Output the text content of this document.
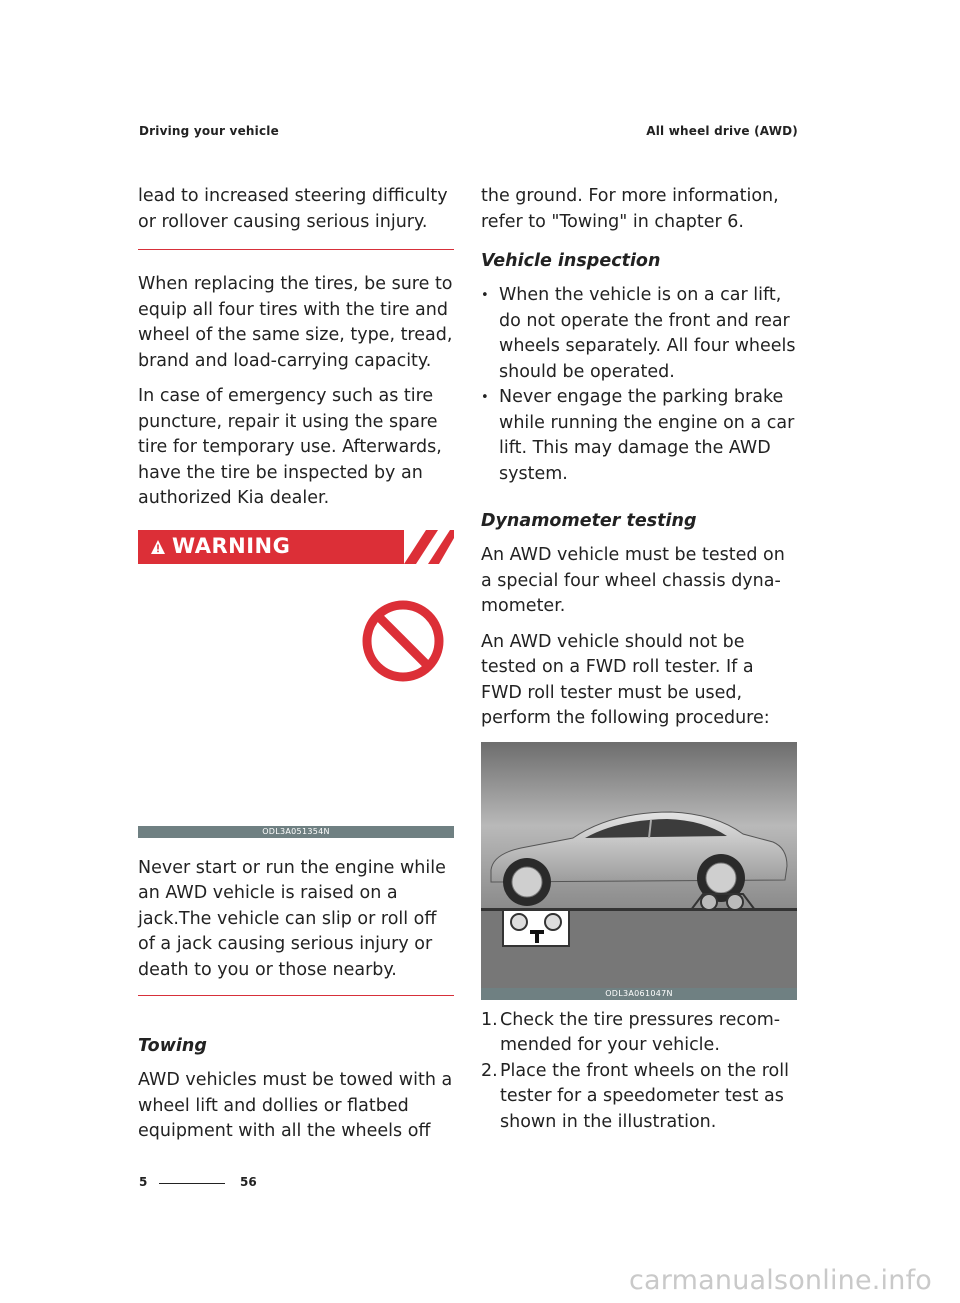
Driving your vehicle	All wheel drive (AWD)

lead to increased steering difficulty or rollover causing serious injury.

When replacing the tires, be sure to equip all four tires with the tire and wheel of the same size, type, tread, brand and load-carrying capacity.

In case of emergency such as tire puncture, repair it using the spare tire for temporary use. Afterwards, have the tire be inspected by an authorized Kia dealer.

WARNING
ODL3A051354N

Never start or run the engine while an AWD vehicle is raised on a jack.The vehicle can slip or roll off of a jack causing serious injury or death to you or those nearby.

Towing

AWD vehicles must be towed with a wheel lift and dollies or flatbed equipment with all the wheels off

the ground. For more information, refer to "Towing" in chapter 6.

Vehicle inspection
• When the vehicle is on a car lift, do not operate the front and rear wheels separately. All four wheels should be operated.
• Never engage the parking brake while running the engine on a car lift. This may damage the AWD system.
Dynamometer testing

An AWD vehicle must be tested on a special four wheel chassis dyna-mometer.

An AWD vehicle should not be tested on a FWD roll tester. If a FWD roll tester must be used, perform the following procedure:

ODL3A061047N
1. Check the tire pressures recom-mended for your vehicle.
2. Place the front wheels on the roll tester for a speedometer test as shown in the illustration.
5	56
carmanualsonline.info
